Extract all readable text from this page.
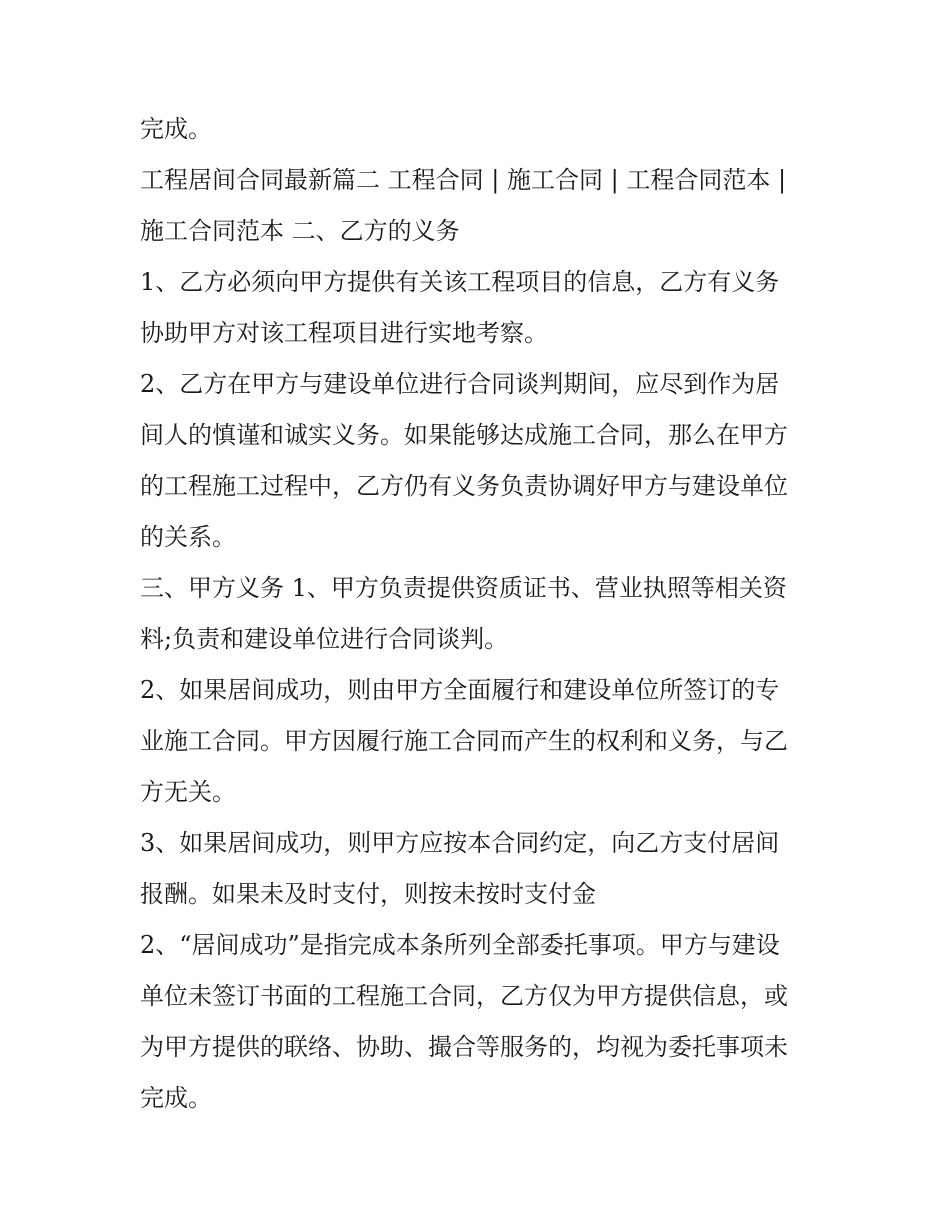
完成。

工程居间合同最新篇二 工程合同 | 施工合同 | 工程合同范本 |
施工合同范本 二、乙方的义务

1、乙方必须向甲方提供有关该工程项目的信息，乙方有义务
协助甲方对该工程项目进行实地考察。

2、乙方在甲方与建设单位进行合同谈判期间，应尽到作为居
间人的慎谨和诚实义务。如果能够达成施工合同，那么在甲方
的工程施工过程中，乙方仍有义务负责协调好甲方与建设单位
的关系。

三、甲方义务 1、甲方负责提供资质证书、营业执照等相关资
料;负责和建设单位进行合同谈判。

2、如果居间成功，则由甲方全面履行和建设单位所签订的专
业施工合同。甲方因履行施工合同而产生的权利和义务，与乙
方无关。

3、如果居间成功，则甲方应按本合同约定，向乙方支付居间
报酬。如果未及时支付，则按未按时支付金

2、“居间成功”是指完成本条所列全部委托事项。甲方与建设
单位未签订书面的工程施工合同，乙方仅为甲方提供信息，或
为甲方提供的联络、协助、撮合等服务的，均视为委托事项未
完成。
